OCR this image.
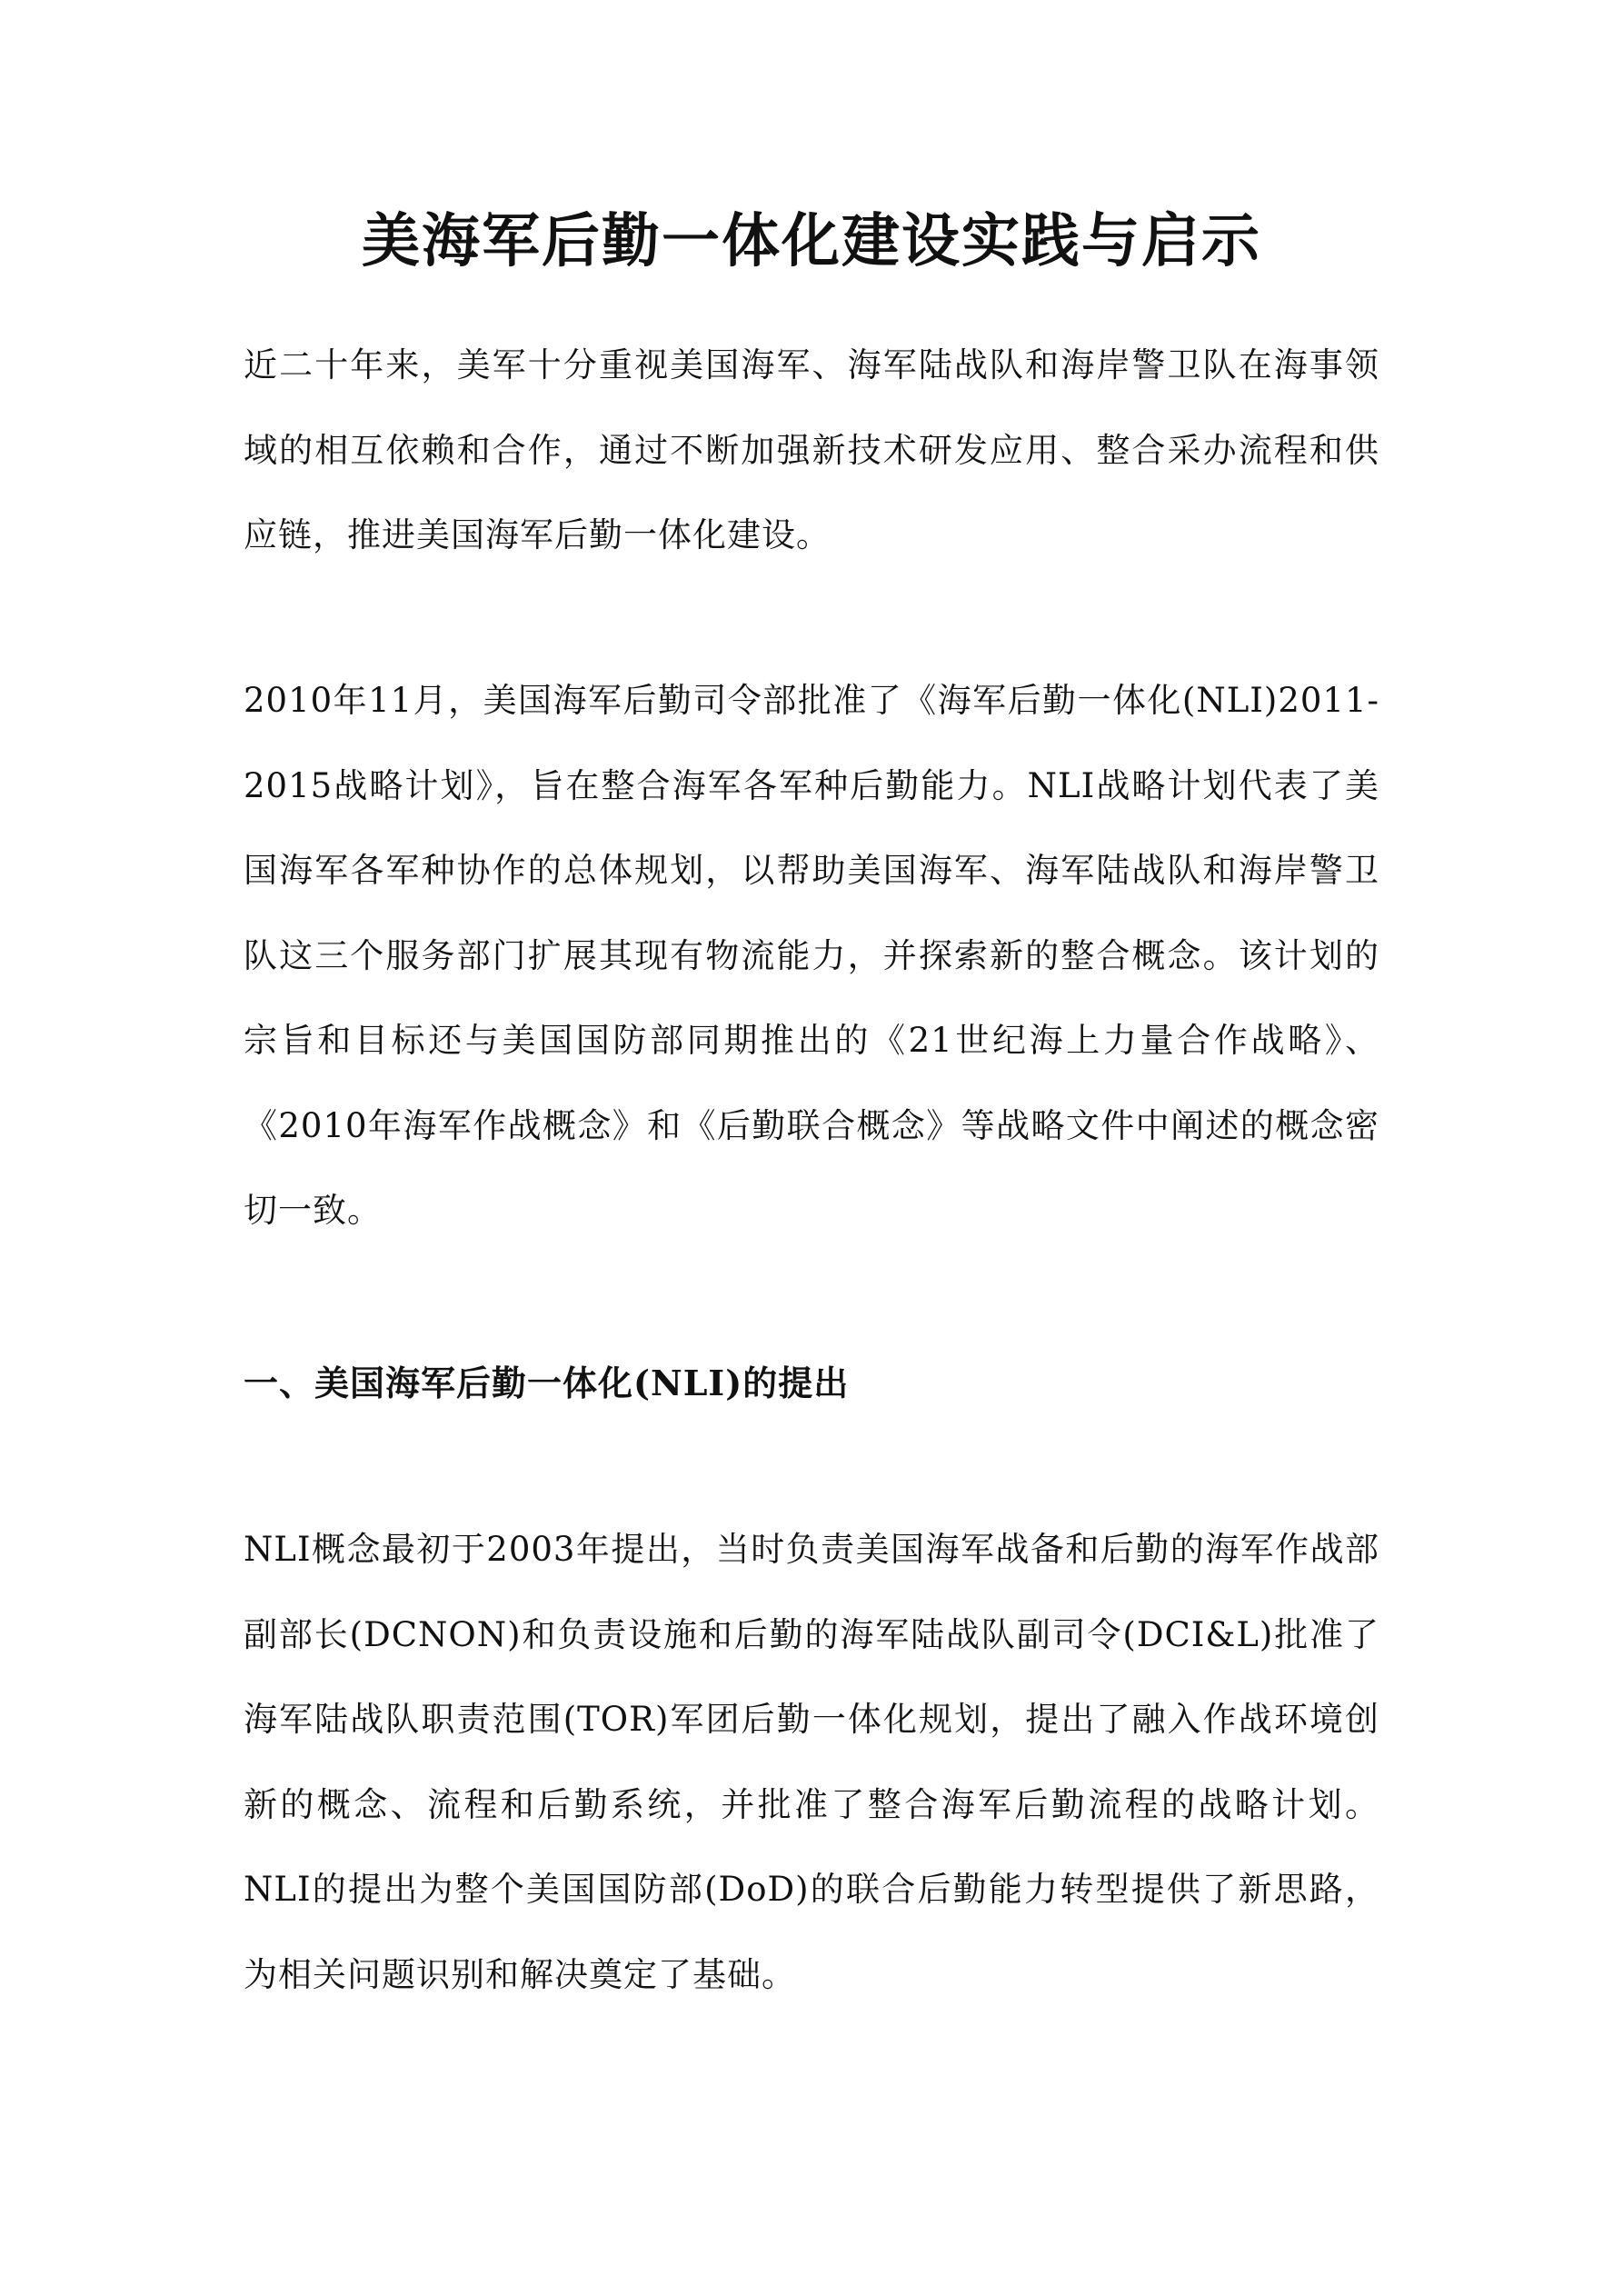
美海军后勤一体化建设实践与启示

近二十年来，美军十分重视美国海军、海军陆战队和海岸警卫队在海事领域的相互依赖和合作，通过不断加强新技术研发应用、整合采办流程和供应链，推进美国海军后勤一体化建设。

2010年11月，美国海军后勤司令部批准了《海军后勤一体化(NLI)2011-2015战略计划》，旨在整合海军各军种后勤能力。NLI战略计划代表了美国海军各军种协作的总体规划，以帮助美国海军、海军陆战队和海岸警卫队这三个服务部门扩展其现有物流能力，并探索新的整合概念。该计划的宗旨和目标还与美国国防部同期推出的《21世纪海上力量合作战略》、《2010年海军作战概念》和《后勤联合概念》等战略文件中阐述的概念密切一致。

一、美国海军后勤一体化(NLI)的提出

NLI概念最初于2003年提出，当时负责美国海军战备和后勤的海军作战部副部长(DCNON)和负责设施和后勤的海军陆战队副司令(DCI&L)批准了海军陆战队职责范围(TOR)军团后勤一体化规划，提出了融入作战环境创新的概念、流程和后勤系统，并批准了整合海军后勤流程的战略计划。NLI的提出为整个美国国防部(DoD)的联合后勤能力转型提供了新思路，为相关问题识别和解决奠定了基础。
